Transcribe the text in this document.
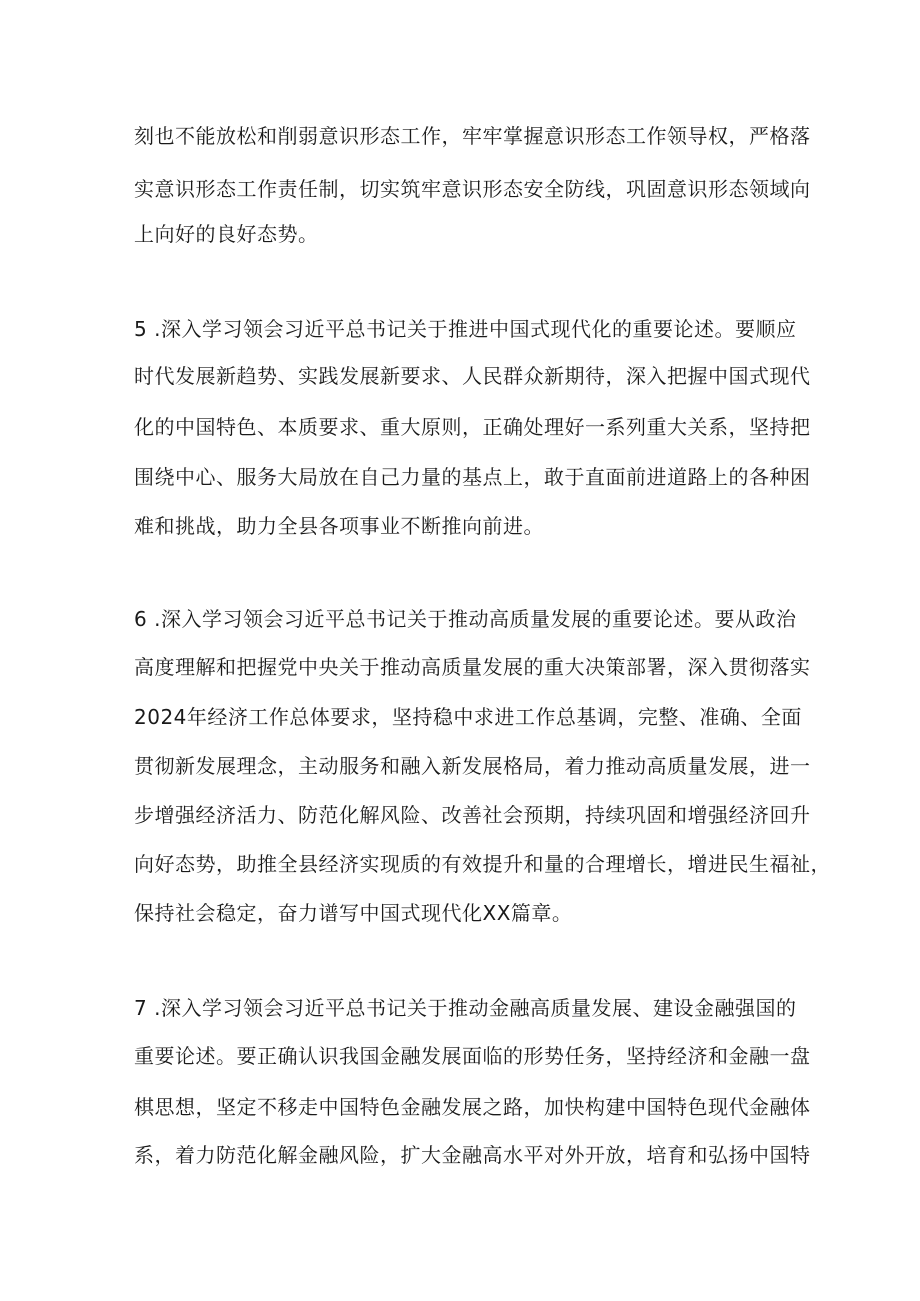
刻也不能放松和削弱意识形态工作，牢牢掌握意识形态工作领导权，严格落
实意识形态工作责任制，切实筑牢意识形态安全防线，巩固意识形态领域向
上向好的良好态势。
5 .深入学习领会习近平总书记关于推进中国式现代化的重要论述。要顺应
时代发展新趋势、实践发展新要求、人民群众新期待，深入把握中国式现代
化的中国特色、本质要求、重大原则，正确处理好一系列重大关系，坚持把
围绕中心、服务大局放在自己力量的基点上，敢于直面前进道路上的各种困
难和挑战，助力全县各项事业不断推向前进。
6 .深入学习领会习近平总书记关于推动高质量发展的重要论述。要从政治
高度理解和把握党中央关于推动高质量发展的重大决策部署，深入贯彻落实
2024年经济工作总体要求，坚持稳中求进工作总基调，完整、准确、全面
贯彻新发展理念，主动服务和融入新发展格局，着力推动高质量发展，进一
步增强经济活力、防范化解风险、改善社会预期，持续巩固和增强经济回升
向好态势，助推全县经济实现质的有效提升和量的合理增长，增进民生福祉，
保持社会稳定，奋力谱写中国式现代化XX篇章。
7 .深入学习领会习近平总书记关于推动金融高质量发展、建设金融强国的
重要论述。要正确认识我国金融发展面临的形势任务，坚持经济和金融一盘
棋思想，坚定不移走中国特色金融发展之路，加快构建中国特色现代金融体
系，着力防范化解金融风险，扩大金融高水平对外开放，培育和弘扬中国特
